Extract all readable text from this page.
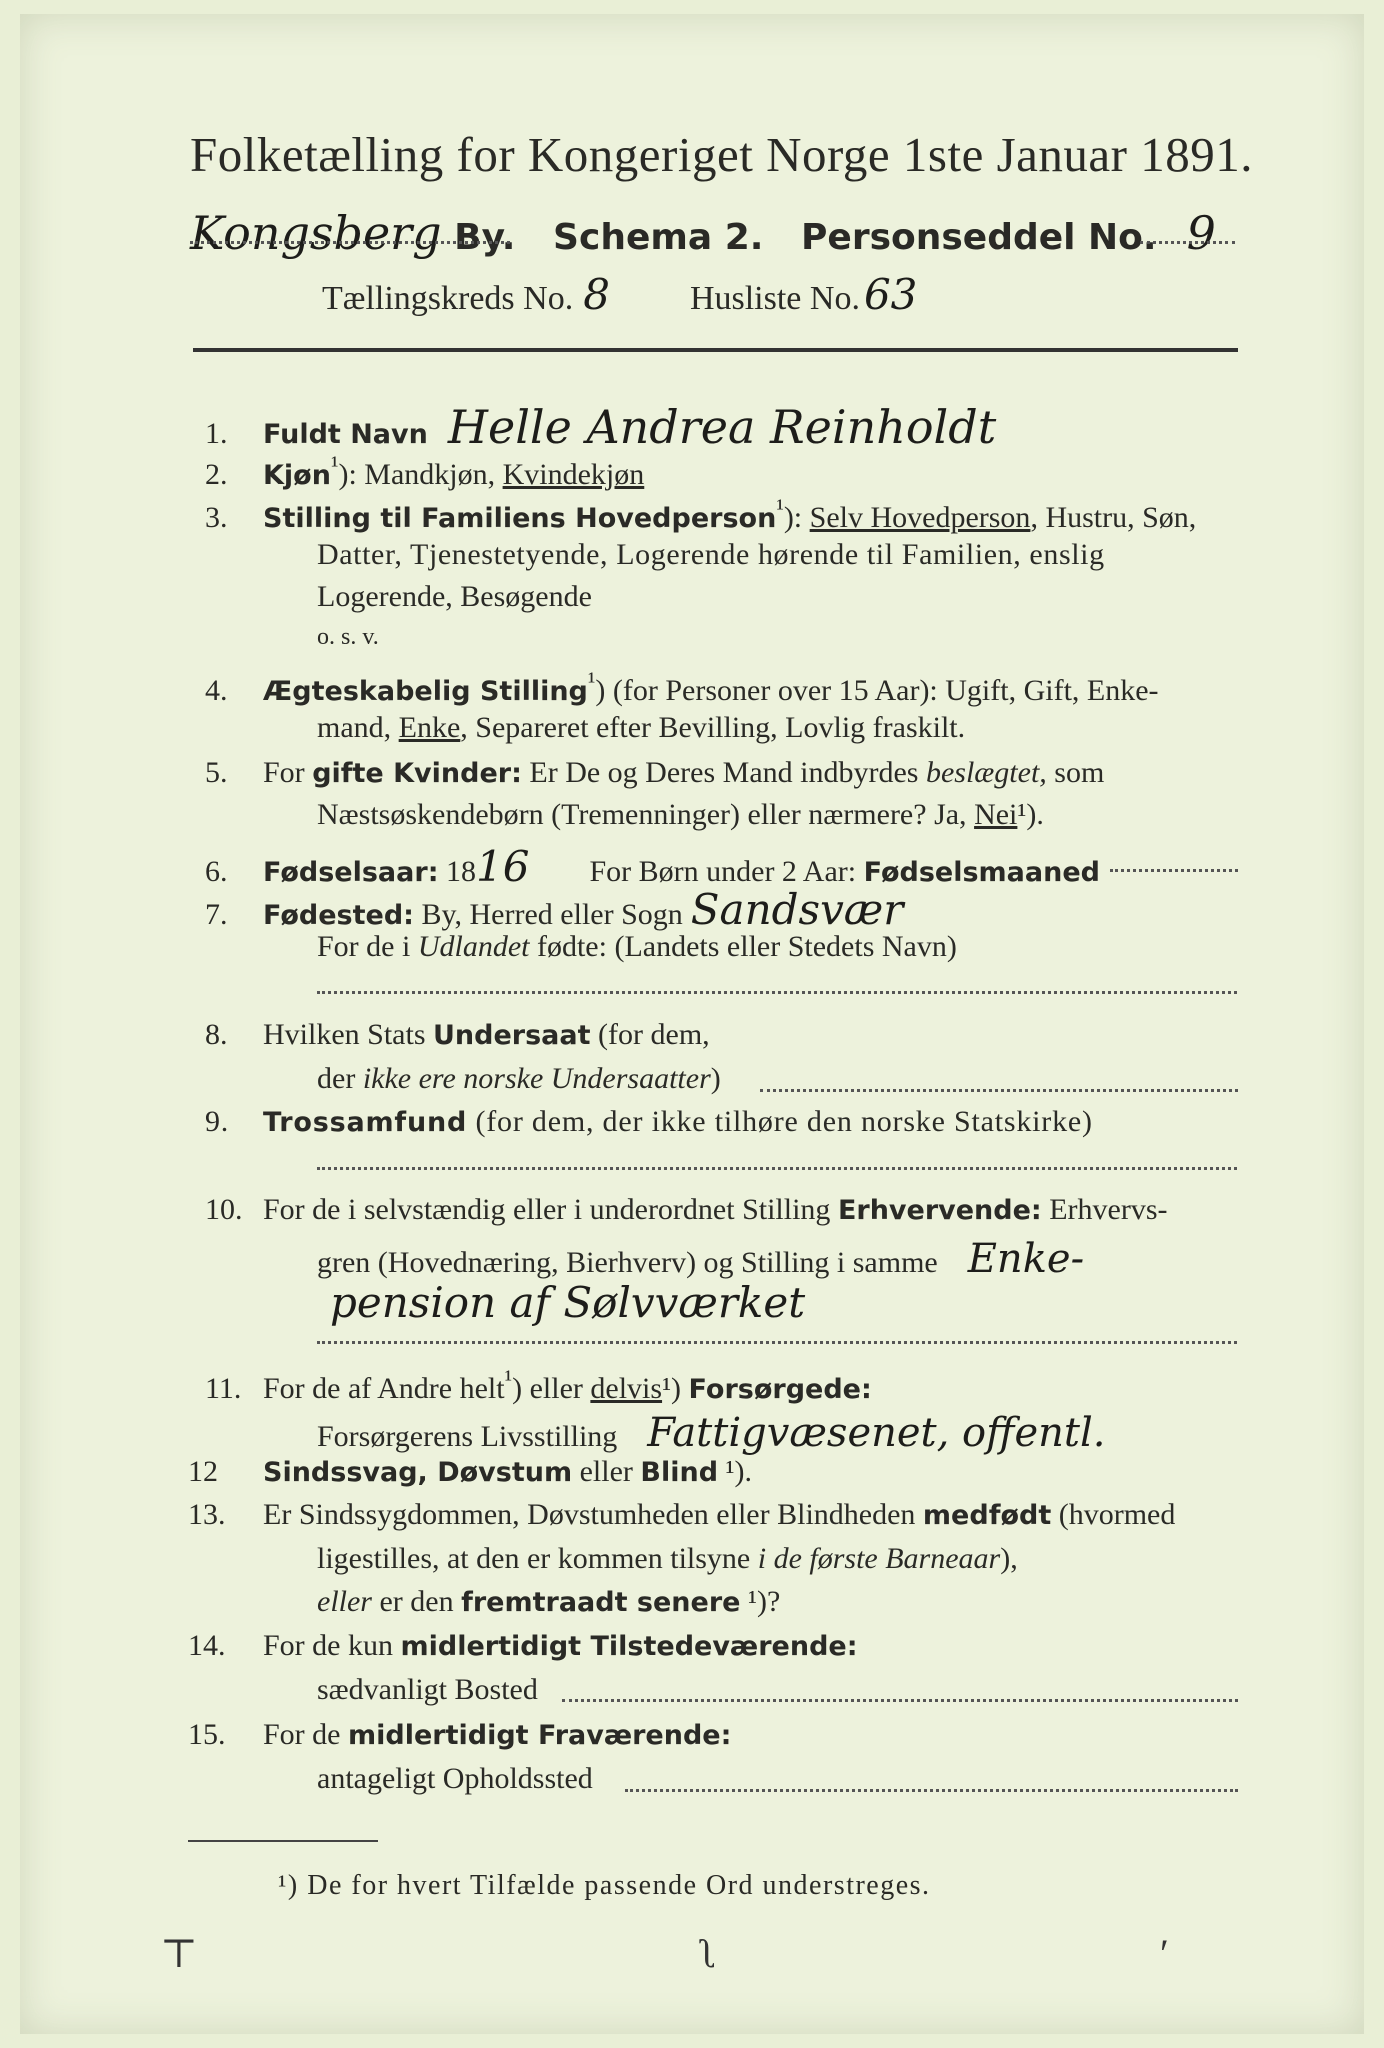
Folketælling for Kongeriget Norge 1ste Januar 1891.
Kongsberg By. Schema 2. Personseddel No. 9
Tællingskreds No. 8 Husliste No.63
1. Fuldt Navn Helle Andrea Reinholdt
2. Kjøn$^{^1}$): Mandkjøn, Kvindekjøn
3. Stilling til Familiens Hovedperson$^{^1}$): Selv Hovedperson, Hustru, Søn,
Datter, Tjenestetyende, Logerende hørende til Familien, enslig
Logerende, Besøgende
o. s. v.
4. Ægteskabelig Stilling$^{^1}$) (for Personer over 15 Aar): Ugift, Gift, Enke-
mand, Enke, Separeret efter Bevilling, Lovlig fraskilt.
5. For gifte Kvinder: Er De og Deres Mand indbyrdes beslægtet, som
Næstsøskendebørn (Tremenninger) eller nærmere? Ja, Nei¹).
6. Fødselsaar: 1816 For Børn under 2 Aar: Fødselsmaaned
7. Fødested: By, Herred eller Sogn Sandsvær
For de i Udlandet fødte: (Landets eller Stedets Navn)
8. Hvilken Stats Undersaat (for dem,
der ikke ere norske Undersaatter)
9. Trossamfund (for dem, der ikke tilhøre den norske Statskirke)
10. For de i selvstændig eller i underordnet Stilling Erhvervende: Erhvervs-
gren (Hovednæring, Bierhverv) og Stilling i samme Enke-
pension af Sølvværket
11. For de af Andre helt$^{^1}$) eller delvis¹) Forsørgede:
Forsørgerens Livsstilling Fattigvæsenet, offentl.
12 Sindssvag, Døvstum eller Blind ¹).
13. Er Sindssygdommen, Døvstumheden eller Blindheden medfødt (hvormed
ligestilles, at den er kommen tilsyne i de første Barneaar),
eller er den fremtraadt senere ¹)?
14. For de kun midlertidigt Tilstedeværende:
sædvanligt Bosted
15. For de midlertidigt Fraværende:
antageligt Opholdssted
¹) De for hvert Tilfælde passende Ord understreges.
⊤	ʅ	ʹ
